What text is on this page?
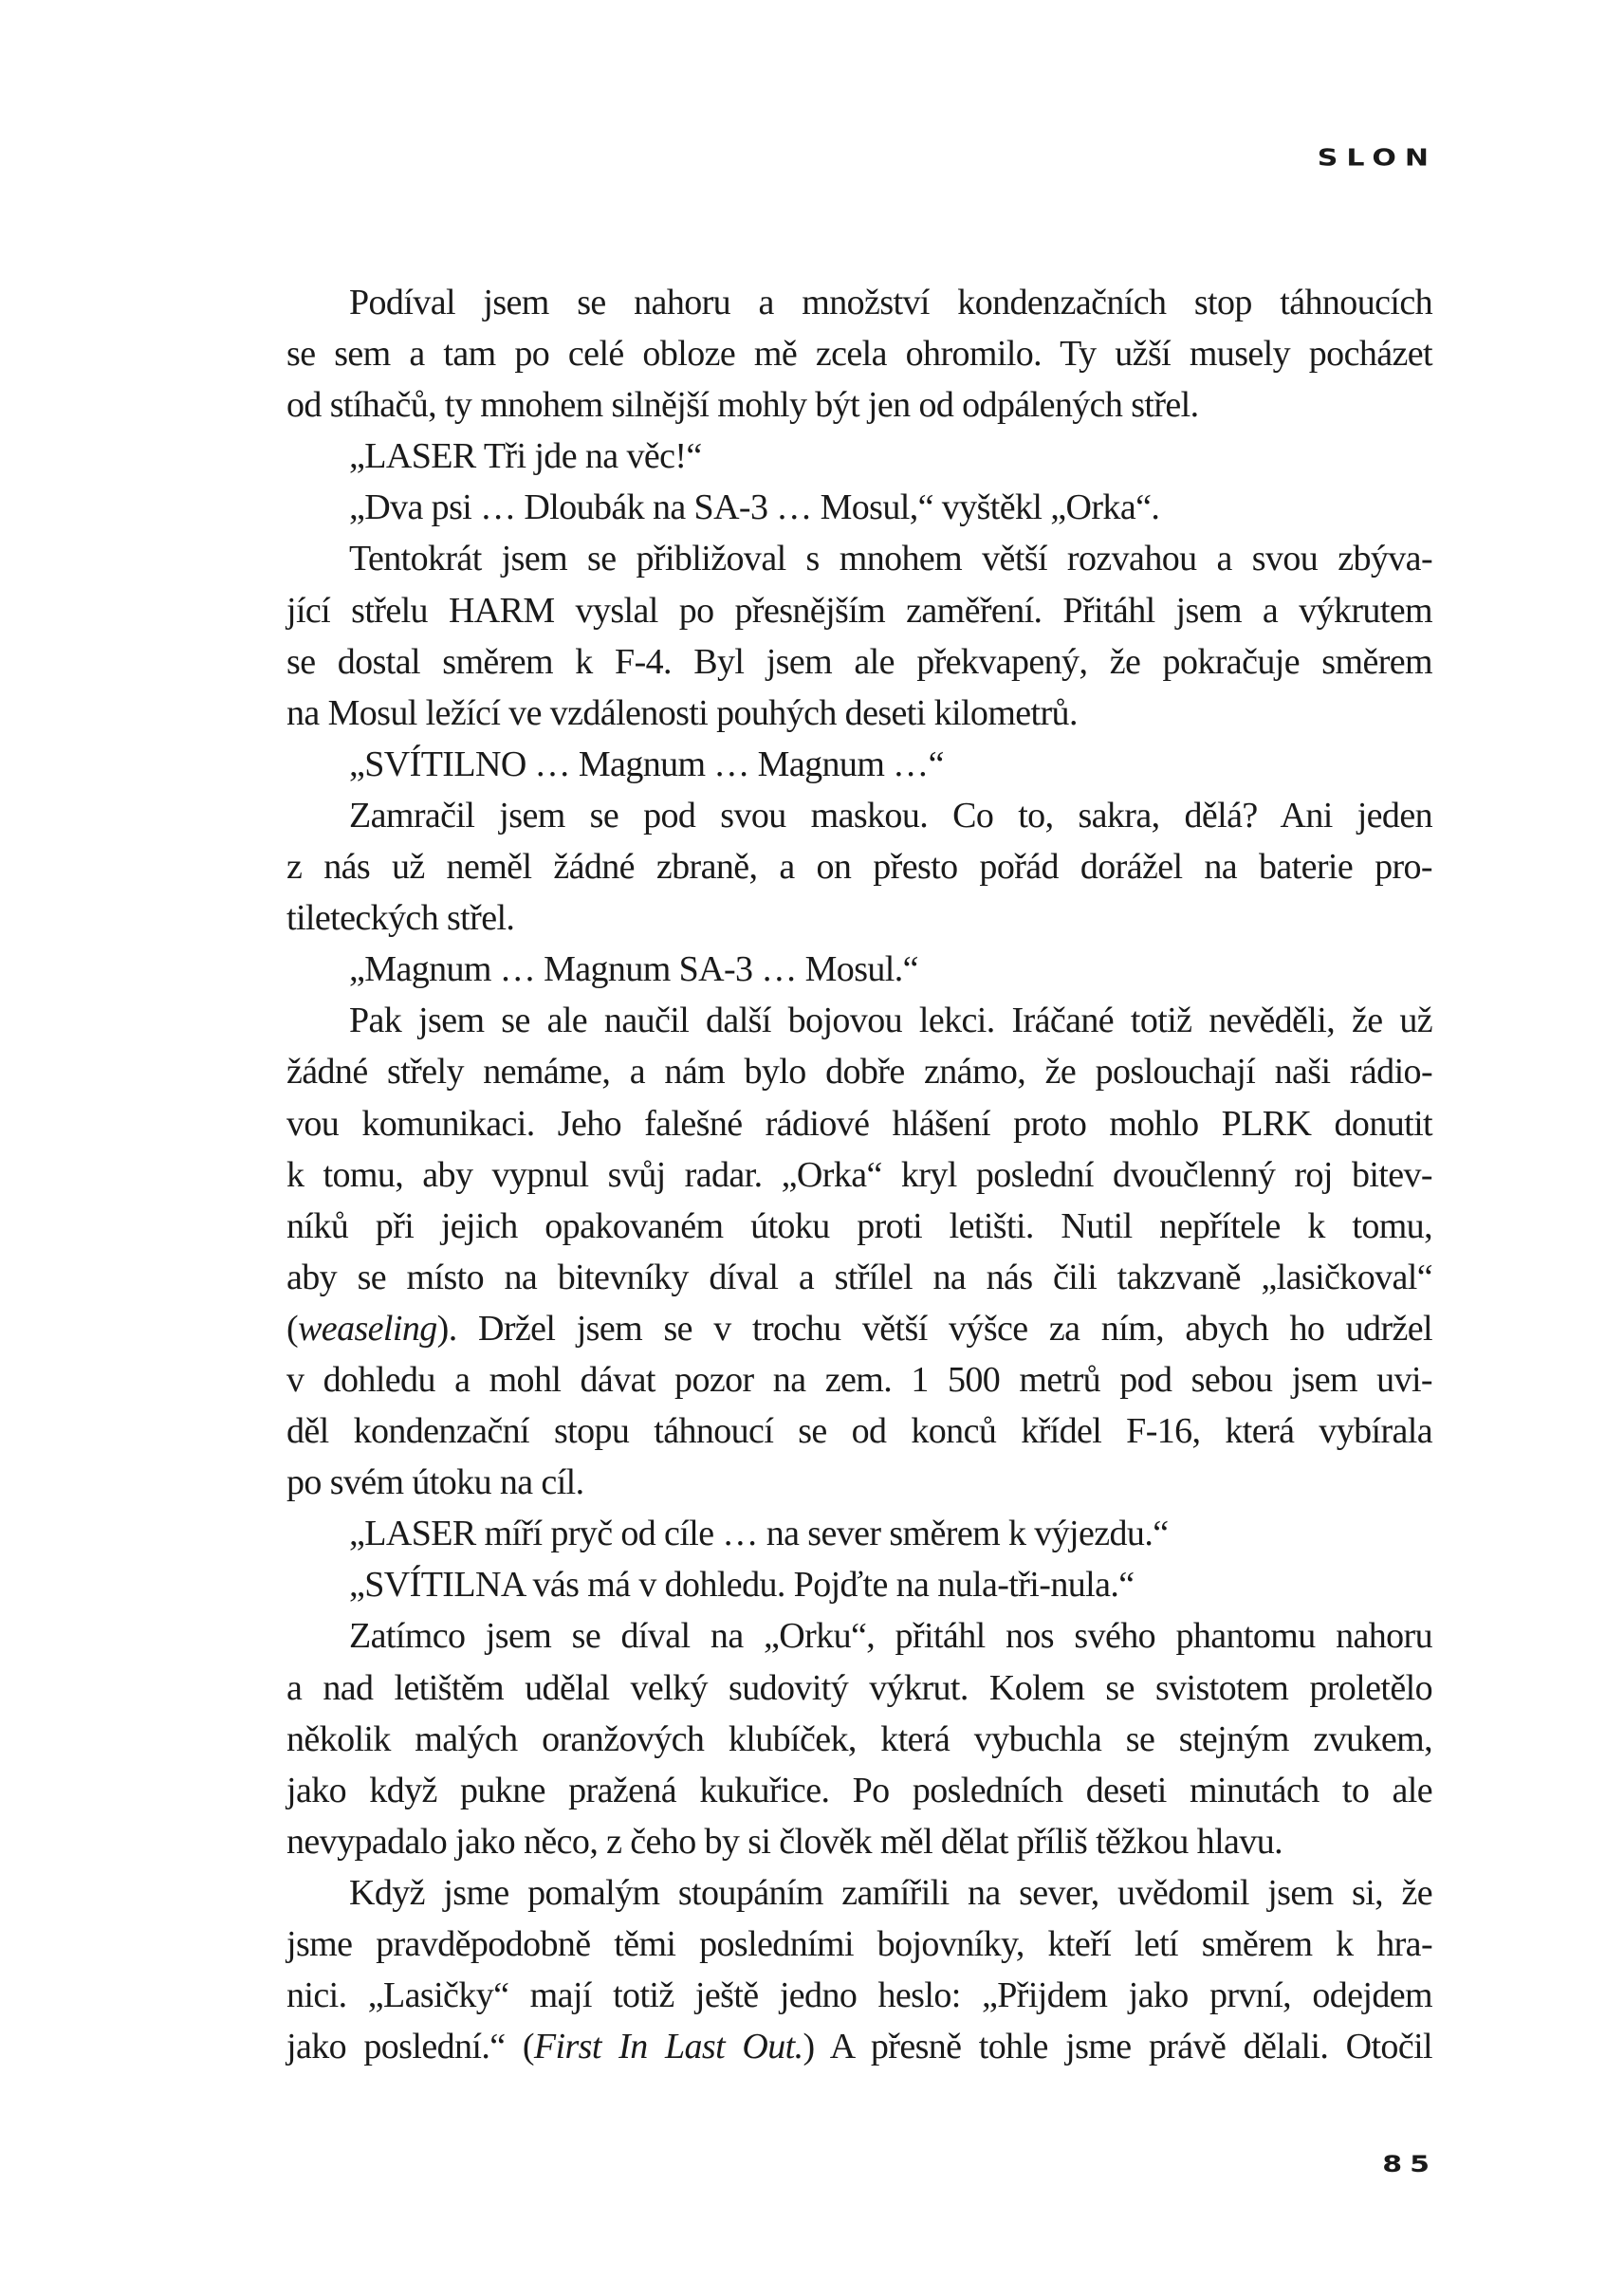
SLON
Podíval jsem se nahoru a množství kondenzačních stop táhnoucích
se sem a tam po celé obloze mě zcela ohromilo. Ty užší musely pocházet
od stíhačů, ty mnohem silnější mohly být jen od odpálených střel.
„LASER Tři jde na věc!“
„Dva psi … Dloubák na SA-3 … Mosul,“ vyštěkl „Orka“.
Tentokrát jsem se přibližoval s mnohem větší rozvahou a svou zbýva-
jící střelu HARM vyslal po přesnějším zaměření. Přitáhl jsem a výkrutem
se dostal směrem k F-4. Byl jsem ale překvapený, že pokračuje směrem
na Mosul ležící ve vzdálenosti pouhých deseti kilometrů.
„SVÍTILNO … Magnum … Magnum …“
Zamračil jsem se pod svou maskou. Co to, sakra, dělá? Ani jeden
z nás už neměl žádné zbraně, a on přesto pořád dorážel na baterie pro-
tileteckých střel.
„Magnum … Magnum SA-3 … Mosul.“
Pak jsem se ale naučil další bojovou lekci. Iráčané totiž nevěděli, že už
žádné střely nemáme, a nám bylo dobře známo, že poslouchají naši rádio-
vou komunikaci. Jeho falešné rádiové hlášení proto mohlo PLRK donutit
k tomu, aby vypnul svůj radar. „Orka“ kryl poslední dvoučlenný roj bitev-
níků při jejich opakovaném útoku proti letišti. Nutil nepřítele k tomu,
aby se místo na bitevníky díval a střílel na nás čili takzvaně „lasičkoval“
(weaseling). Držel jsem se v trochu větší výšce za ním, abych ho udržel
v dohledu a mohl dávat pozor na zem. 1 500 metrů pod sebou jsem uvi-
děl kondenzační stopu táhnoucí se od konců křídel F-16, která vybírala
po svém útoku na cíl.
„LASER míří pryč od cíle … na sever směrem k výjezdu.“
„SVÍTILNA vás má v dohledu. Pojďte na nula-tři-nula.“
Zatímco jsem se díval na „Orku“, přitáhl nos svého phantomu nahoru
a nad letištěm udělal velký sudovitý výkrut. Kolem se svistotem proletělo
několik malých oranžových klubíček, která vybuchla se stejným zvukem,
jako když pukne pražená kukuřice. Po posledních deseti minutách to ale
nevypadalo jako něco, z čeho by si člověk měl dělat příliš těžkou hlavu.
Když jsme pomalým stoupáním zamířili na sever, uvědomil jsem si, že
jsme pravděpodobně těmi posledními bojovníky, kteří letí směrem k hra-
nici. „Lasičky“ mají totiž ještě jedno heslo: „Přijdem jako první, odejdem
jako poslední.“ (First In Last Out.) A přesně tohle jsme právě dělali. Otočil
85
